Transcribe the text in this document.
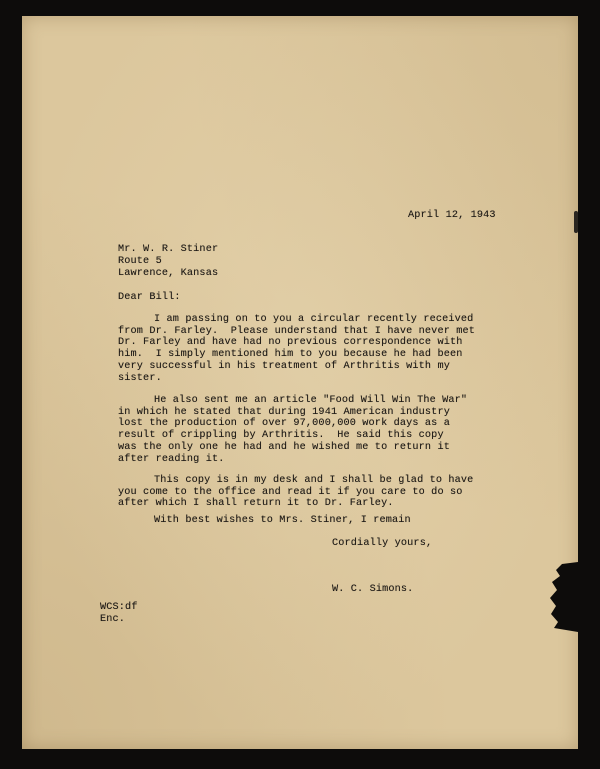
April 12, 1943
Mr. W. R. Stiner
Route 5
Lawrence, Kansas
Dear Bill:
I am passing on to you a circular recently received
from Dr. Farley.  Please understand that I have never met
Dr. Farley and have had no previous correspondence with
him.  I simply mentioned him to you because he had been
very successful in his treatment of Arthritis with my
sister.
He also sent me an article "Food Will Win The War"
in which he stated that during 1941 American industry
lost the production of over 97,000,000 work days as a
result of crippling by Arthritis.  He said this copy
was the only one he had and he wished me to return it
after reading it.
This copy is in my desk and I shall be glad to have
you come to the office and read it if you care to do so
after which I shall return it to Dr. Farley.
With best wishes to Mrs. Stiner, I remain
Cordially yours,
W. C. Simons.
WCS:df
Enc.
